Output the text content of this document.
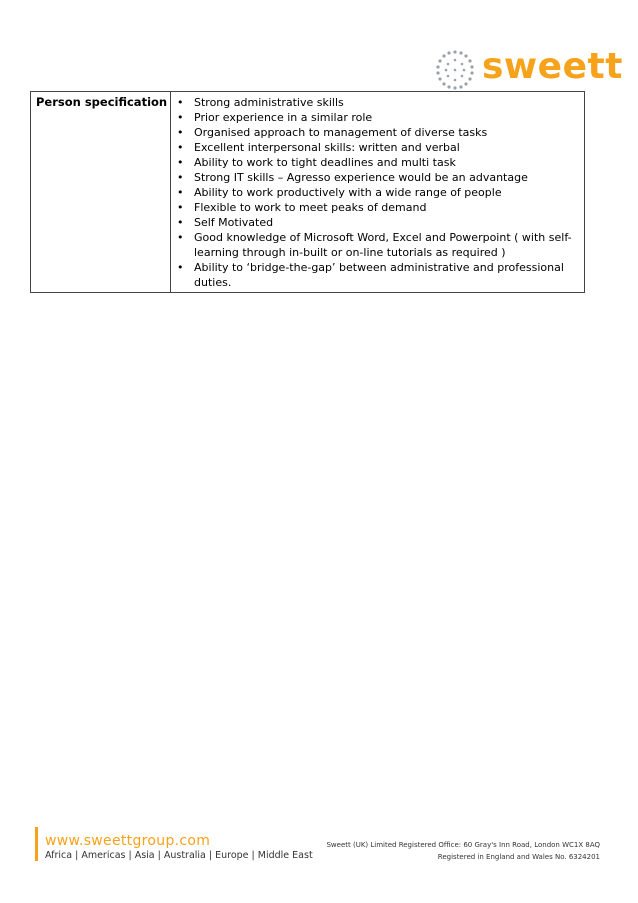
sweett
Person specification	• Strong administrative skills
• Prior experience in a similar role
• Organised approach to management of diverse tasks
• Excellent interpersonal skills: written and verbal
• Ability to work to tight deadlines and multi task
• Strong IT skills – Agresso experience would be an advantage
• Ability to work productively with a wide range of people
• Flexible to work to meet peaks of demand
• Self Motivated
• Good knowledge of Microsoft Word, Excel and Powerpoint ( with self-learning through in-built or on-line tutorials as required )
• Ability to ‘bridge-the-gap’ between administrative and professional duties.
www.sweettgroup.com
Africa | Americas | Asia | Australia | Europe | Middle East
Sweett (UK) Limited Registered Office: 60 Gray's Inn Road, London WC1X 8AQ
Registered in England and Wales No. 6324201
